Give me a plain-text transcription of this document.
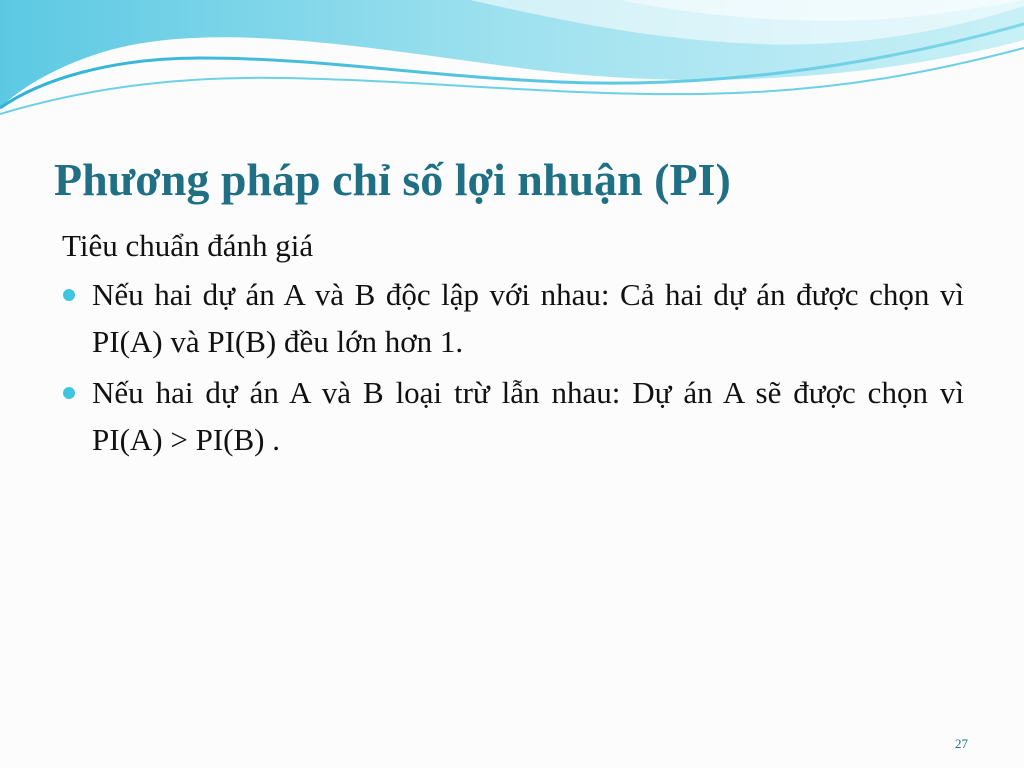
Phương pháp chỉ số lợi nhuận (PI)

Tiêu chuẩn đánh giá

Nếu hai dự án A và B độc lập với nhau: Cả hai dự án được chọn vì PI(A) và PI(B) đều lớn hơn 1.
Nếu hai dự án A và B loại trừ lẫn nhau: Dự án A sẽ được chọn vì PI(A) > PI(B) .
27
